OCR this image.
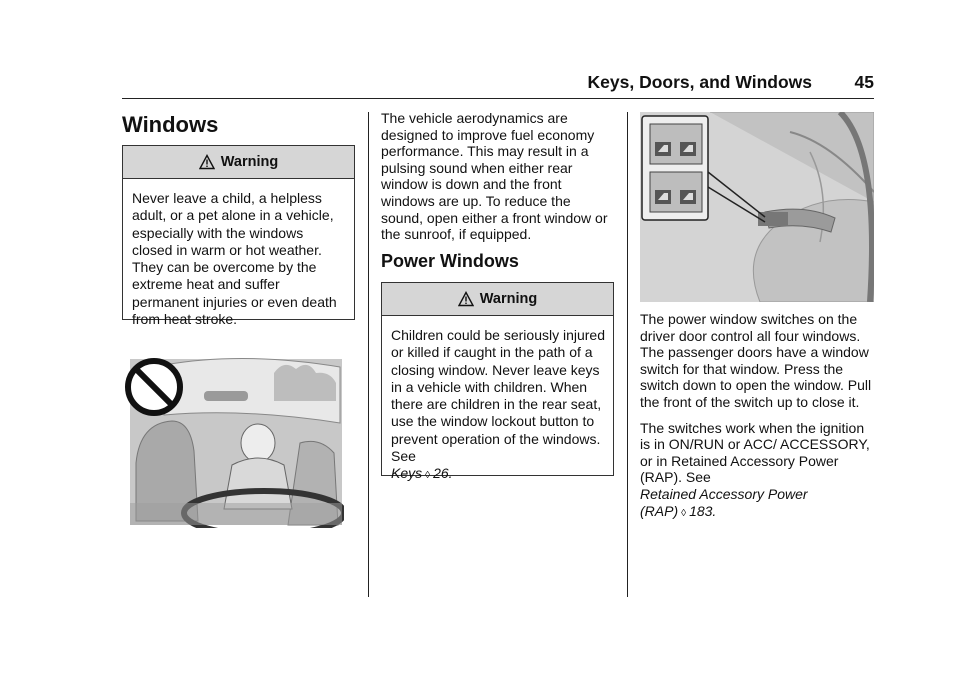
Keys, Doors, and Windows 45
Windows
Warning
Never leave a child, a helpless adult, or a pet alone in a vehicle, especially with the windows closed in warm or hot weather. They can be overcome by the extreme heat and suffer permanent injuries or even death from heat stroke.
The vehicle aerodynamics are designed to improve fuel economy performance. This may result in a pulsing sound when either rear window is down and the front windows are up. To reduce the sound, open either a front window or the sunroof, if equipped.
Power Windows
Warning
Children could be seriously injured or killed if caught in the path of a closing window. Never leave keys in a vehicle with children. When there are children in the rear seat, use the window lockout button to prevent operation of the windows. See
Keys ◊ 26.

The power window switches on the driver door control all four windows. The passenger doors have a window switch for that window. Press the switch down to open the window. Pull the front of the switch up to close it.

The switches work when the ignition is in ON/RUN or ACC/ ACCESSORY, or in Retained Accessory Power (RAP). See
Retained Accessory Power (RAP) ◊ 183.
